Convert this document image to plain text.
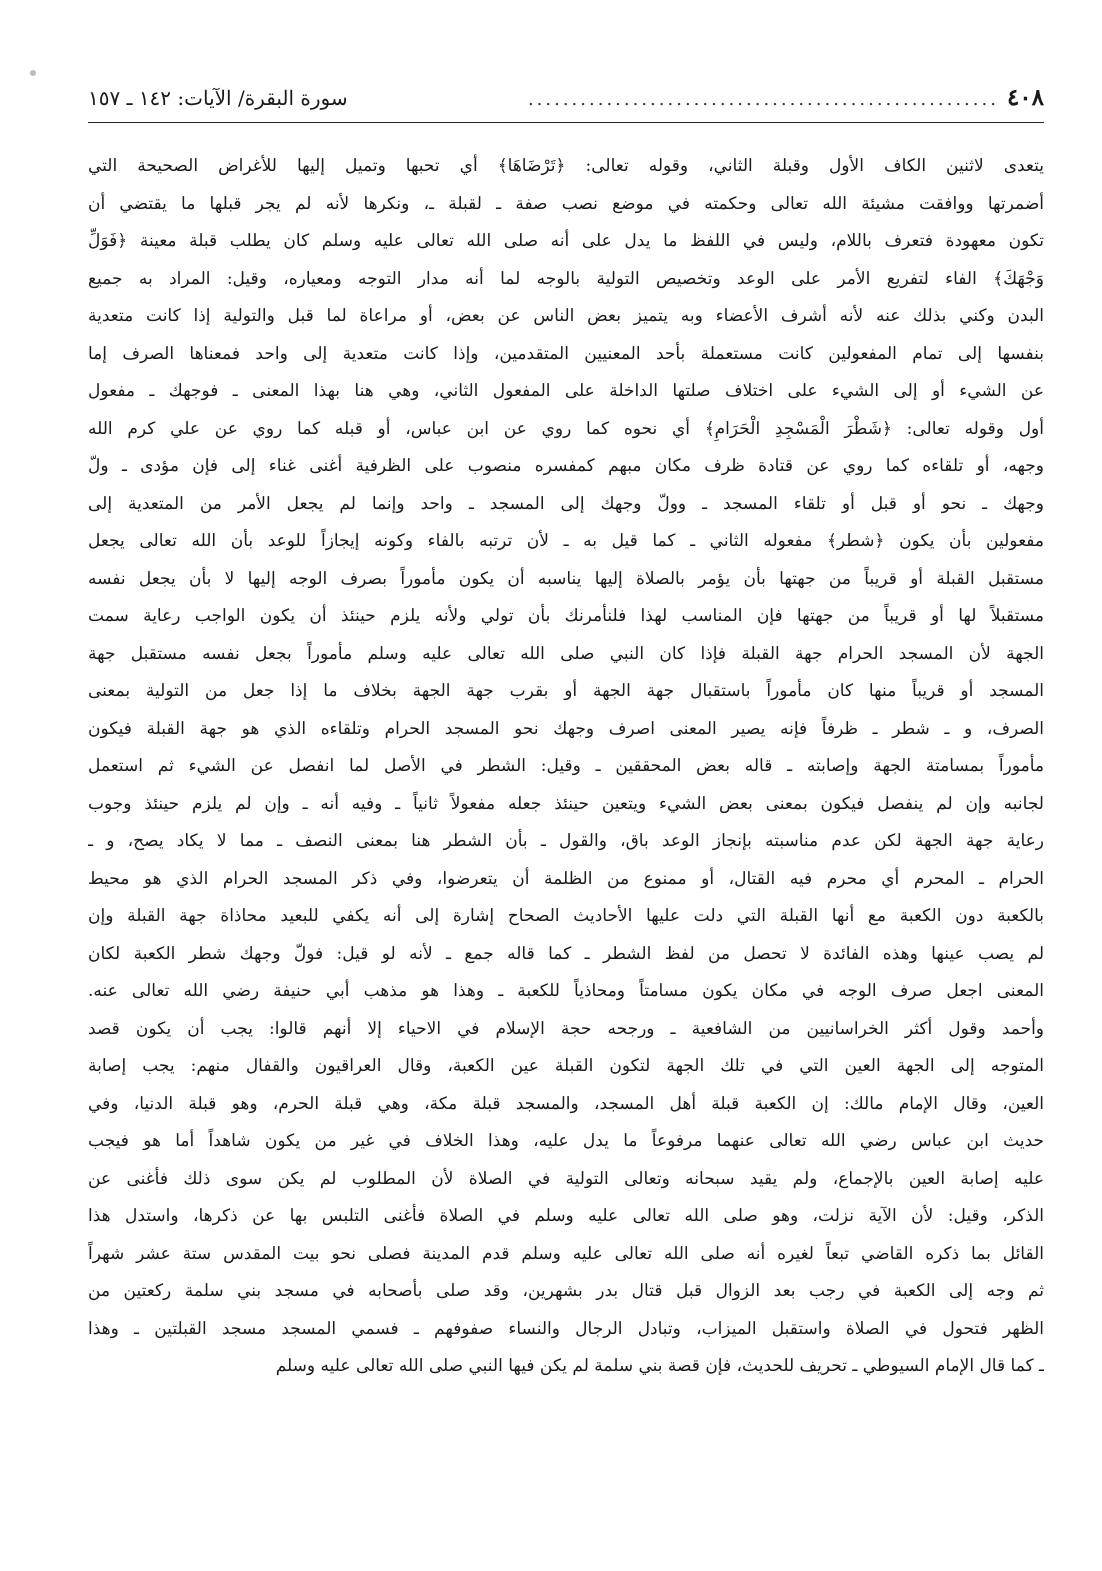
٤٠٨
......................................................
سورة البقرة/ الآيات: ١٤٢ ـ ١٥٧
يتعدى لاثنين الكاف الأول وقبلة الثاني، وقوله تعالى: ﴿تَرْضَاهَا﴾ أي تحبها وتميل إليها للأغراض الصحيحة التي
أضمرتها ووافقت مشيئة الله تعالى وحكمته في موضع نصب صفة ـ لقبلة ـ، ونكرها لأنه لم يجر قبلها ما يقتضي أن
تكون معهودة فتعرف باللام، وليس في اللفظ ما يدل على أنه صلى الله تعالى عليه وسلم كان يطلب قبلة معينة ﴿فَوَلِّ
وَجْهَكَ﴾ الفاء لتفريع الأمر على الوعد وتخصيص التولية بالوجه لما أنه مدار التوجه ومعياره، وقيل: المراد به جميع
البدن وكني بذلك عنه لأنه أشرف الأعضاء وبه يتميز بعض الناس عن بعض، أو مراعاة لما قبل والتولية إذا كانت متعدية
بنفسها إلى تمام المفعولين كانت مستعملة بأحد المعنيين المتقدمين، وإذا كانت متعدية إلى واحد فمعناها الصرف إما
عن الشيء أو إلى الشيء على اختلاف صلتها الداخلة على المفعول الثاني، وهي هنا بهذا المعنى ـ فوجهك ـ مفعول
أول وقوله تعالى: ﴿شَطْرَ الْمَسْجِدِ الْحَرَامِ﴾ أي نحوه كما روي عن ابن عباس، أو قبله كما روي عن علي كرم الله
وجهه، أو تلقاءه كما روي عن قتادة ظرف مكان مبهم كمفسره منصوب على الظرفية أغنى غناء إلى فإن مؤدى ـ ولّ
وجهك ـ نحو أو قبل أو تلقاء المسجد ـ وولّ وجهك إلى المسجد ـ واحد وإنما لم يجعل الأمر من المتعدية إلى
مفعولين بأن يكون ﴿شطر﴾ مفعوله الثاني ـ كما قيل به ـ لأن ترتبه بالفاء وكونه إيجازاً للوعد بأن الله تعالى يجعل
مستقبل القبلة أو قريباً من جهتها بأن يؤمر بالصلاة إليها يناسبه أن يكون مأموراً بصرف الوجه إليها لا بأن يجعل نفسه
مستقبلاً لها أو قريباً من جهتها فإن المناسب لهذا فلنأمرنك بأن تولي ولأنه يلزم حينئذ أن يكون الواجب رعاية سمت
الجهة لأن المسجد الحرام جهة القبلة فإذا كان النبي صلى الله تعالى عليه وسلم مأموراً بجعل نفسه مستقبل جهة
المسجد أو قريباً منها كان مأموراً باستقبال جهة الجهة أو بقرب جهة الجهة بخلاف ما إذا جعل من التولية بمعنى
الصرف، و ـ شطر ـ ظرفاً فإنه يصير المعنى اصرف وجهك نحو المسجد الحرام وتلقاءه الذي هو جهة القبلة فيكون
مأموراً بمسامتة الجهة وإصابته ـ قاله بعض المحققين ـ وقيل: الشطر في الأصل لما انفصل عن الشيء ثم استعمل
لجانبه وإن لم ينفصل فيكون بمعنى بعض الشيء ويتعين حينئذ جعله مفعولاً ثانياً ـ وفيه أنه ـ وإن لم يلزم حينئذ وجوب
رعاية جهة الجهة لكن عدم مناسبته بإنجاز الوعد باق، والقول ـ بأن الشطر هنا بمعنى النصف ـ مما لا يكاد يصح، و ـ
الحرام ـ المحرم أي محرم فيه القتال، أو ممنوع من الظلمة أن يتعرضوا، وفي ذكر المسجد الحرام الذي هو محيط
بالكعبة دون الكعبة مع أنها القبلة التي دلت عليها الأحاديث الصحاح إشارة إلى أنه يكفي للبعيد محاذاة جهة القبلة وإن
لم يصب عينها وهذه الفائدة لا تحصل من لفظ الشطر ـ كما قاله جمع ـ لأنه لو قيل: فولّ وجهك شطر الكعبة لكان
المعنى اجعل صرف الوجه في مكان يكون مسامتاً ومحاذياً للكعبة ـ وهذا هو مذهب أبي حنيفة رضي الله تعالى عنه.
وأحمد وقول أكثر الخراسانيين من الشافعية ـ ورجحه حجة الإسلام في الاحياء إلا أنهم قالوا: يجب أن يكون قصد
المتوجه إلى الجهة العين التي في تلك الجهة لتكون القبلة عين الكعبة، وقال العراقيون والقفال منهم: يجب إصابة
العين، وقال الإمام مالك: إن الكعبة قبلة أهل المسجد، والمسجد قبلة مكة، وهي قبلة الحرم، وهو قبلة الدنيا، وفي
حديث ابن عباس رضي الله تعالى عنهما مرفوعاً ما يدل عليه، وهذا الخلاف في غير من يكون شاهداً أما هو فيجب
عليه إصابة العين بالإجماع، ولم يقيد سبحانه وتعالى التولية في الصلاة لأن المطلوب لم يكن سوى ذلك فأغنى عن
الذكر، وقيل: لأن الآية نزلت، وهو صلى الله تعالى عليه وسلم في الصلاة فأغنى التلبس بها عن ذكرها، واستدل هذا
القائل بما ذكره القاضي تبعاً لغيره أنه صلى الله تعالى عليه وسلم قدم المدينة فصلى نحو بيت المقدس ستة عشر شهراً
ثم وجه إلى الكعبة في رجب بعد الزوال قبل قتال بدر بشهرين، وقد صلى بأصحابه في مسجد بني سلمة ركعتين من
الظهر فتحول في الصلاة واستقبل الميزاب، وتبادل الرجال والنساء صفوفهم ـ فسمي المسجد مسجد القبلتين ـ وهذا
ـ كما قال الإمام السيوطي ـ تحريف للحديث، فإن قصة بني سلمة لم يكن فيها النبي صلى الله تعالى عليه وسلم
